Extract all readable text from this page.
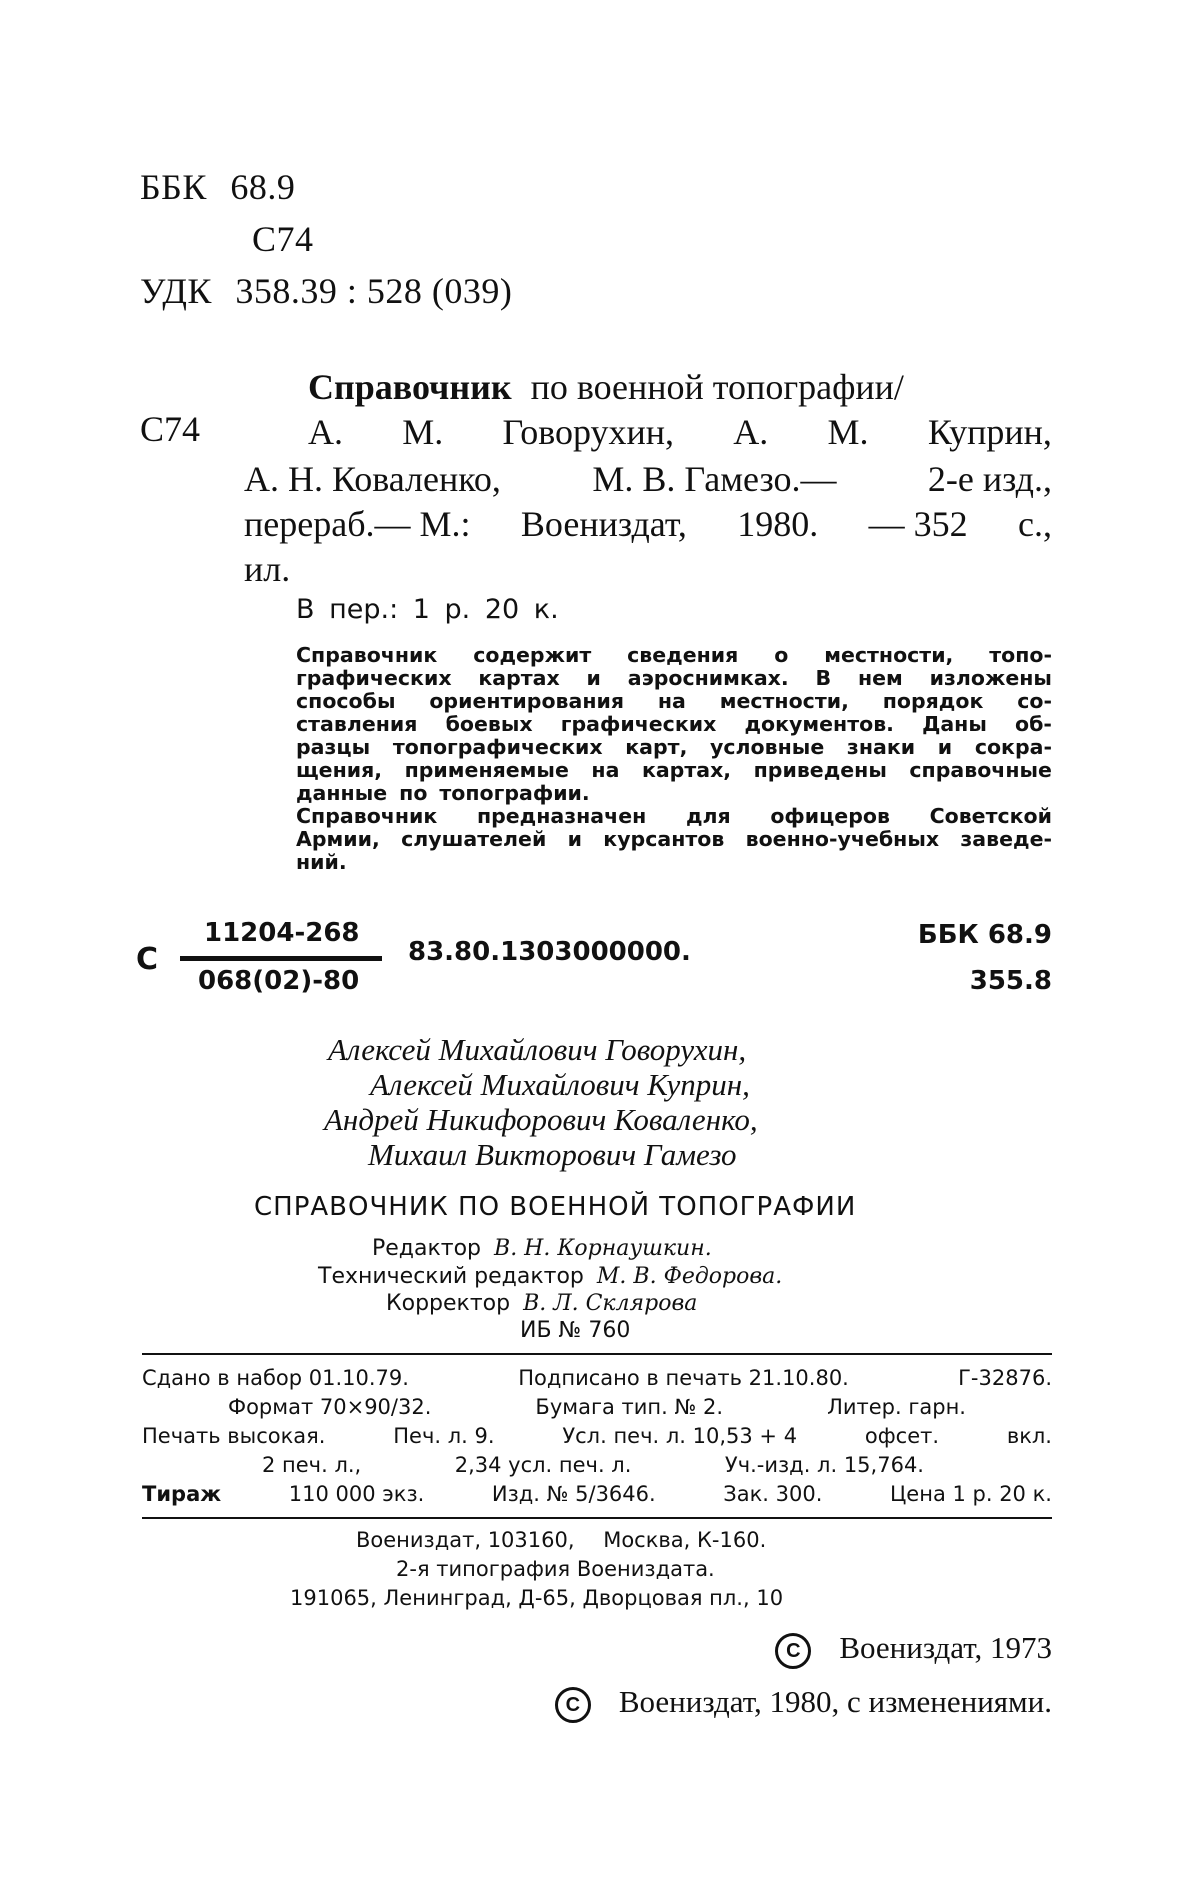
ББК 68.9
С74
УДК 358.39 : 528 (039)
С74
Справочник по военной топографии/
А. М. Говорухин, А. М. Куприн,
А. Н. Коваленко,	М. В. Гамезо.—	2-е изд.,
перераб.— М.: Воениздат, 1980. — 352 с.,
ил.
В пер.: 1 р. 20 к.
Справочник содержит сведения о местности, топо-
графических картах и аэроснимках. В нем изложены
способы ориентирования на местности, порядок со-
ставления боевых графических документов. Даны об-
разцы топографических карт, условные знаки и сокра-
щения, применяемые на картах, приведены справочные
данные по топографии.
Справочник предназначен для офицеров Советской
Армии, слушателей и курсантов военно-учебных заведе-
ний.
С
11204-268
068(02)-80
83.80.1303000000.
ББК 68.9
355.8
Алексей Михайлович Говорухин,
Алексей Михайлович Куприн,
Андрей Никифорович Коваленко,
Михаил Викторович Гамезо
СПРАВОЧНИК ПО ВОЕННОЙ ТОПОГРАФИИ
Редактор В. Н. Корнаушкин.
Технический редактор М. В. Федорова.
Корректор В. Л. Склярова
ИБ № 760
Сдано в набор 01.10.79.	Подписано в печать 21.10.80.	Г-32876.
Формат 70×90/32.	Бумага тип. № 2.	Литер. гарн.
Печать высокая.	Печ. л. 9.	Усл. печ. л. 10,53 + 4	офсет.	вкл.
2 печ. л.,	2,34 усл. печ. л.	Уч.-изд. л. 15,764.
Тираж	110 000 экз.	Изд. № 5/3646.	Зак. 300.	Цена 1 р. 20 к.
Воениздат, 103160, Москва, К-160.
2-я типография Воениздата.
191065, Ленинград, Д-65, Дворцовая пл., 10
C Воениздат, 1973
C Воениздат, 1980, с изменениями.
